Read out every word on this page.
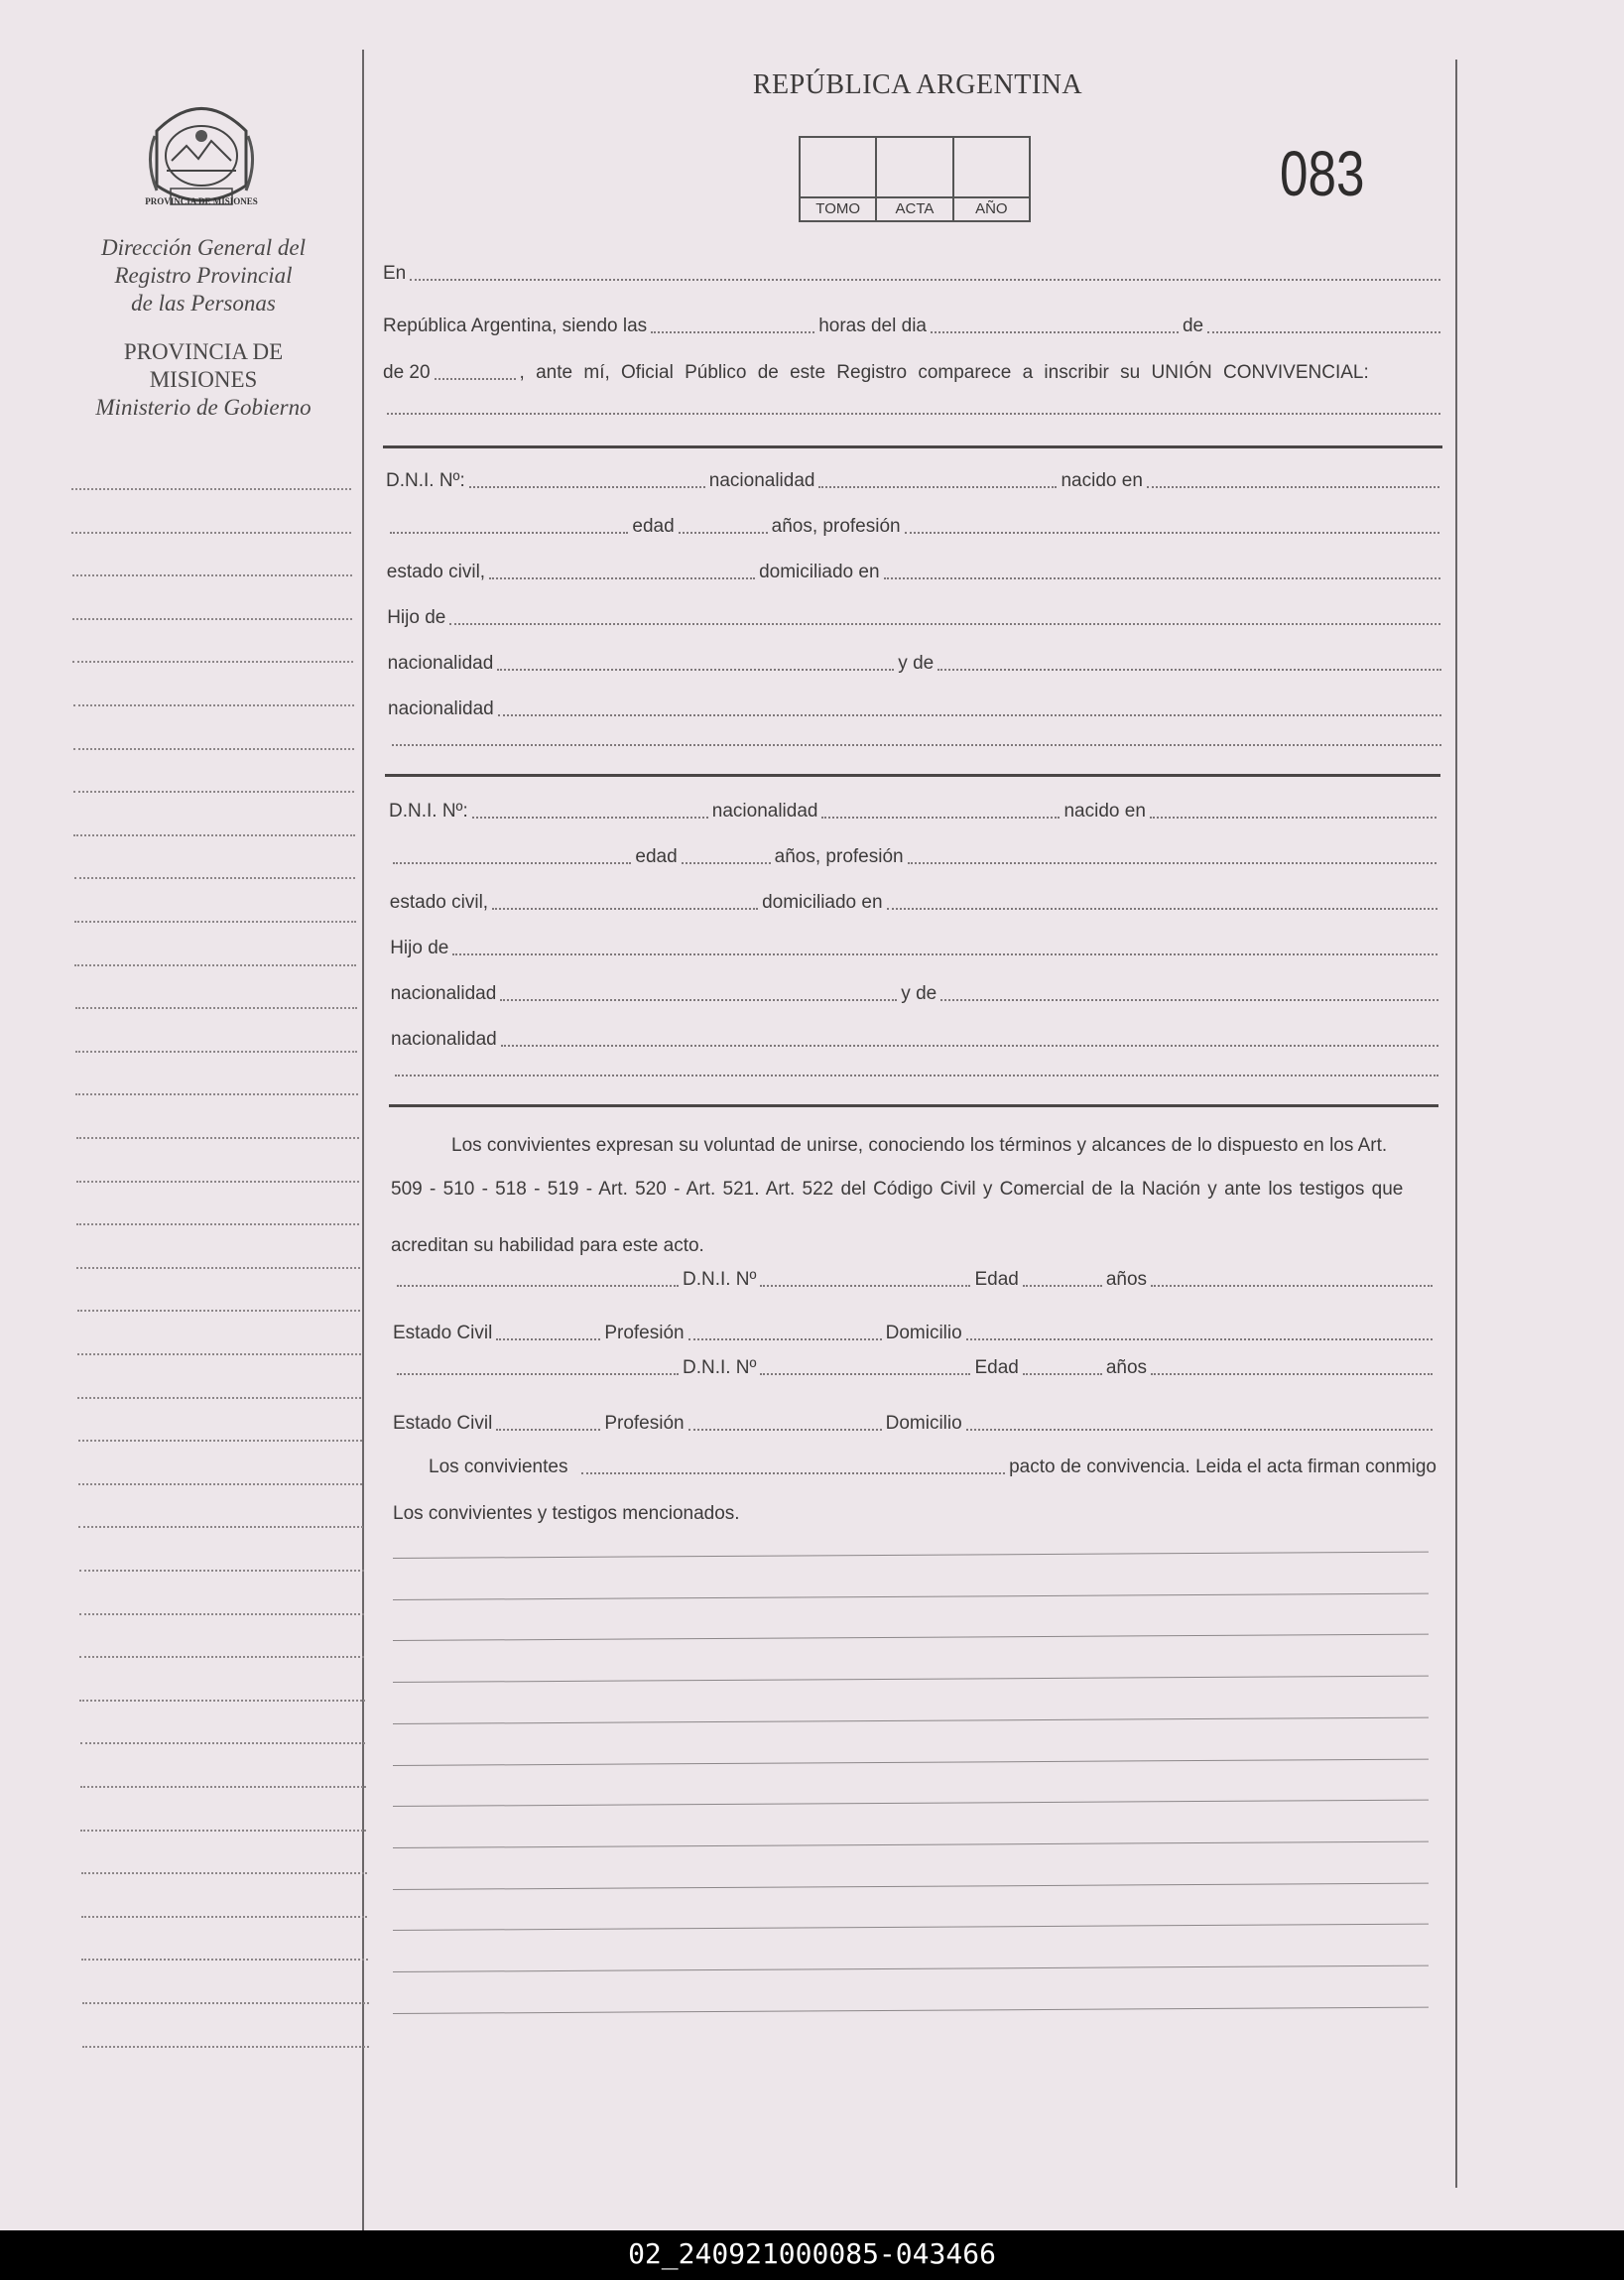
PROVINCIA DE MISIONES
Dirección General del
Registro Provincial
de las Personas
PROVINCIA DE
MISIONES
Ministerio de Gobierno
REPÚBLICA ARGENTINA
TOMO	ACTA	AÑO	083
En
República Argentina, siendo las	horas del dia	de
de 20	, ante mí, Oficial Público de este Registro comparece a inscribir su UNIÓN CONVIVENCIAL:
D.N.I. Nº:	nacionalidad	nacido en
edad	años, profesión
estado civil,	domiciliado en
Hijo de
nacionalidad	y de
nacionalidad
D.N.I. Nº:	nacionalidad	nacido en
edad	años, profesión
estado civil,	domiciliado en
Hijo de
nacionalidad	y de
nacionalidad
Los convivientes expresan su voluntad de unirse, conociendo los términos y alcances de lo dispuesto en los Art.
509 - 510 - 518 - 519 - Art. 520 - Art. 521. Art. 522 del Código Civil y Comercial de la Nación y ante los testigos que
acreditan su habilidad para este acto.
D.N.I. Nº	Edad	años
Estado Civil	Profesión	Domicilio
D.N.I. Nº	Edad	años
Estado Civil	Profesión	Domicilio
Los convivientes	pacto de convivencia. Leida el acta firman conmigo
Los convivientes y testigos mencionados.
02_240921000085-043466
